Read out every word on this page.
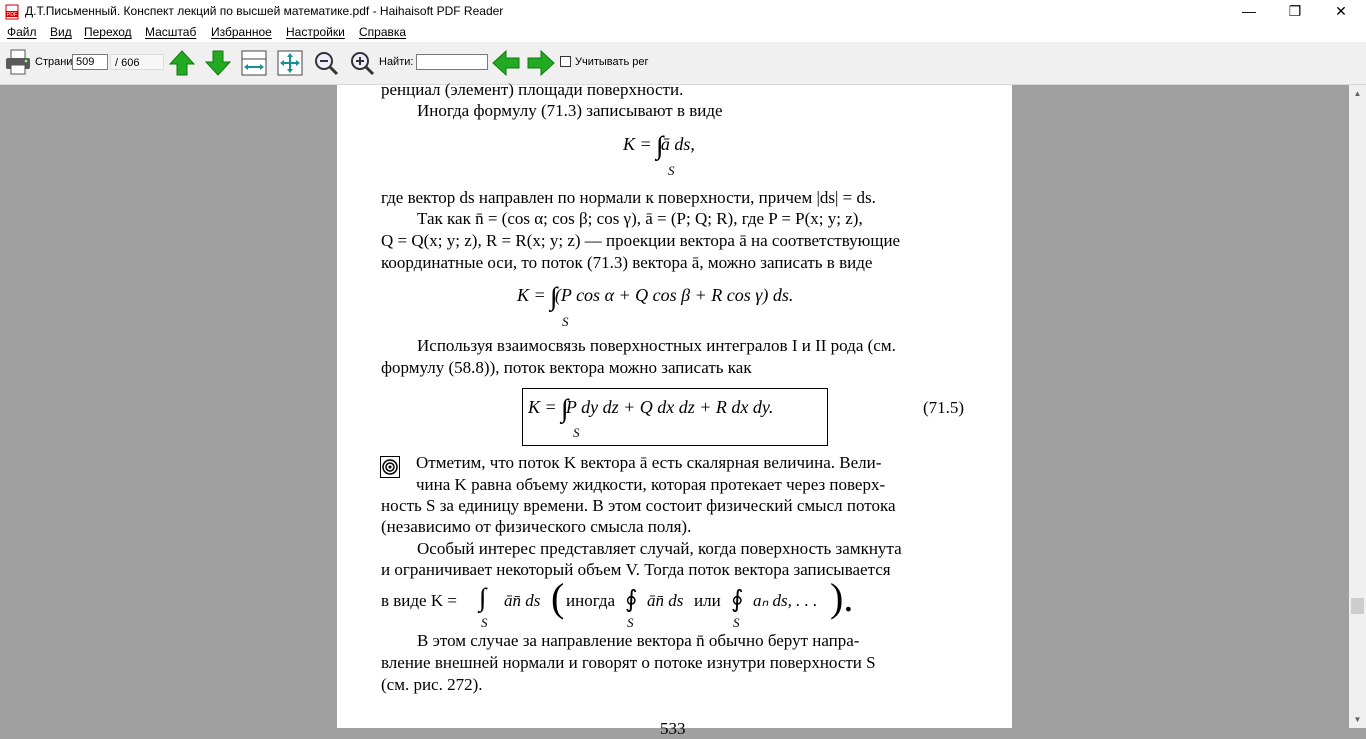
PDF Д.Т.Письменный. Конспект лекций по высшей математике.pdf - Haihaisoft PDF Reader	—	❐	✕
Файл Вид Переход Масштаб Избранное Настройки Справка
Страни
509	/ 606	Найти:	Учитывать рег
ренциал (элемент) площади поверхности.
Иногда формулу (71.3) записывают в виде
K = ∫∫ ā ds,
S
где вектор ds направлен по нормали к поверхности, причем |ds| = ds.
Так как n̄ = (cos α; cos β; cos γ), ā = (P; Q; R), где P = P(x; y; z),
Q = Q(x; y; z), R = R(x; y; z) — проекции вектора ā на соответствующие
координатные оси, то поток (71.3) вектора ā, можно записать в виде
K = ∫∫ (P cos α + Q cos β + R cos γ) ds.
S
Используя взаимосвязь поверхностных интегралов I и II рода (см.
формулу (58.8)), поток вектора можно записать как
K = ∫∫ P dy dz + Q dx dz + R dx dy.
S
(71.5)
Отметим, что поток K вектора ā есть скалярная величина. Вели-
чина K равна объему жидкости, которая протекает через поверх-
ность S за единицу времени. В этом состоит физический смысл потока
(независимо от физического смысла поля).
Особый интерес представляет случай, когда поверхность замкнута
и ограничивает некоторый объем V. Тогда поток вектора записывается
в виде K = ∫∫
S
ān̄ ds ( иногда ∮
S
ān̄ ds или ∮
S
aₙ ds, . . . ).
В этом случае за направление вектора n̄ обычно берут напра-
вление внешней нормали и говорят о потоке изнутри поверхности S
(см. рис. 272).
533
▲
▼
